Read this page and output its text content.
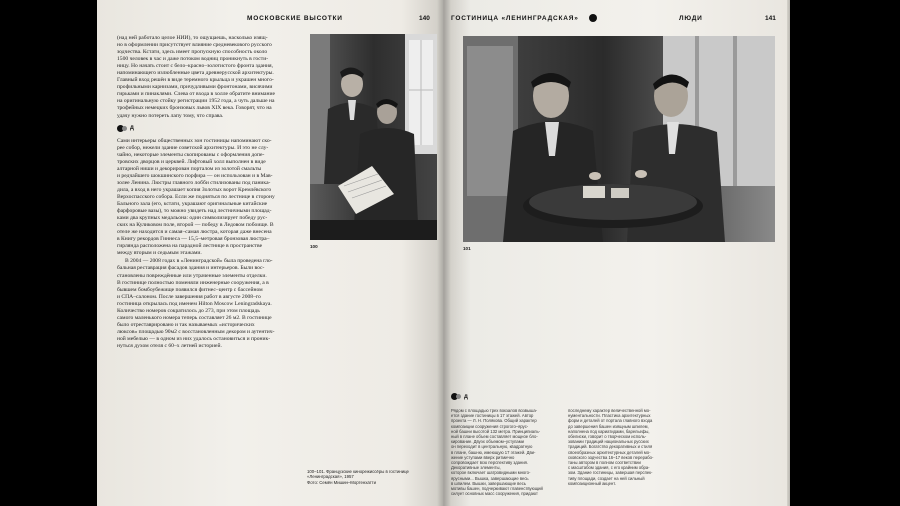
МОСКОВСКИЕ ВЫСОТКИ	140
(над ней работало целое НИИ), то ощущаешь, насколько изящ-
но в оформлении присутствует влияние средневекового русского
зодчества. Кстати, здесь имеет пропускную способность около
1500 человек в час и даже потоком водниц проникнуть в гости-
ницу. Но начать стоит с бело–красно–золотистого фронта здания,
напоминающего излюбленные цвета древнерусской архитектуры.
Главный вход решён в виде теремного крыльца и украшен много-
профильными карнизами, причудливыми фронтонами, висячими
гирьками и пинаклями. Слева от входа в холле обратите внимание
на оригинальную стойку регистрации 1952 года, а чуть дальше на
трофейных немецких бронзовых львов XIX века. Говорят, что на
удачу нужно потереть лапу тому, что справа.
д
Сами интерьеры общественных зон гостиницы напоминают ско-
рее собор, нежели здание советской архитектуры. И это не слу-
чайно, некоторые элементы скопированы с оформления допе-
тровских дворцов и церквей. Лифтовый холл выполнен в виде
алтарной ниши и декорирован порталом из золотой смальты
и редчайшего шокшинского порфира — он использован и в Мав-
золее Ленина. Люстры главного лобби стилизованы под паника-
дила, а вход в него украшает копия Золотых ворот Кремлёвского
Верхоспасского собора. Если же подняться по лестнице в сторону
Бального зала (его, кстати, украшают оригинальные китайские
фарфоровые вазы), то можно увидеть над лестничными площад-
ками два крупных медальона: один символизирует победу рус-
ских на Куликовом поле, второй — победу в Ледовом побоище. В
отеле же находится и самая–самая люстра, которая даже внесена
в Книгу рекордов Гиннеса — 15,5–метровая бронзовая люстра–
гирлянда расположена на парадной лестнице в пространстве
между вторым и седьмым этажами.
В 2004 — 2008 годах в «Ленинградской» была проведена гло-
бальная реставрация фасадов здания и интерьеров. Были вос-
становлены повреждённые или утраченные элементы отделки.
В гостинице полностью поменяли инженерные сооружения, а в
бывшем бомбоубежище появился фитнес–центр с бассейном
и СПА–салоном. После завершения работ в августе 2008–го
гостиница открылась под именем Hilton Moscow Leningradskaya.
Количество номеров сократилось до 273, при этом площадь
самого маленького номера теперь составляет 26 м2. В гостинице
было отреставрировано и так называемых «исторических
люксов» площадью 90м2 с восстановленным декором и аутентич-
ной мебелью — в одном из них удалось остановиться и проник-
нуться духом отеля с 60–х летней историей.
100
100–101. Французские кинорежиссёры в гостинице
«Ленинградская», 1957
Фото: Семён Мишин–Мортенхатти
ГОСТИНИЦА «ЛЕНИНГРАДСКАЯ»	ЛЮДИ	141
101
д
Рядом с площадью трех вокзалов возвыша-
ется здание гостиницы в 17 этажей. Автор
проекта — Л. Н. Полякова. Общий характер
композиции сооружения строгого–ярус-
ной башни высотой 132 метра. Принципиаль-
ный в плане объем составляет мощное бло-
кирование. Двуэх объемом–уступами
он переходит в центральную, квадратную
в плане, башню, имеющую 17 этажей. Дви-
жение уступами вверх ритмично
сопровождает всю перспективу здания.
Декоративные элементы,
которое включает шатровидными много-
ярусными... Вышка, завершающие весь
в шпилем. Вышки, завершающие весь
мотивы башен, подчеркивают главенствующий
силует основных масс сооружения, придают
последнему характер величественной мо-
нументальности. Пластика архитектурных
форм и деталей от портала главного входа
до завершения башен изящным шпилем,
наполнена под кариатидами, барельефы,
обелиски, говорит о творческом исполь-
зовании традиций национальных русских
традиций. Богатство декоративных и стиля
своеобразных архитектурных деталей мо-
сковского зодчества 16–17 веков перерабо-
таны автором в полном соответствии
с масштабом здания, с его крайним обра-
зом. Здание гостиницы, завершая перспек-
тиву площади, создает на ней сильный
композиционный акцент.
